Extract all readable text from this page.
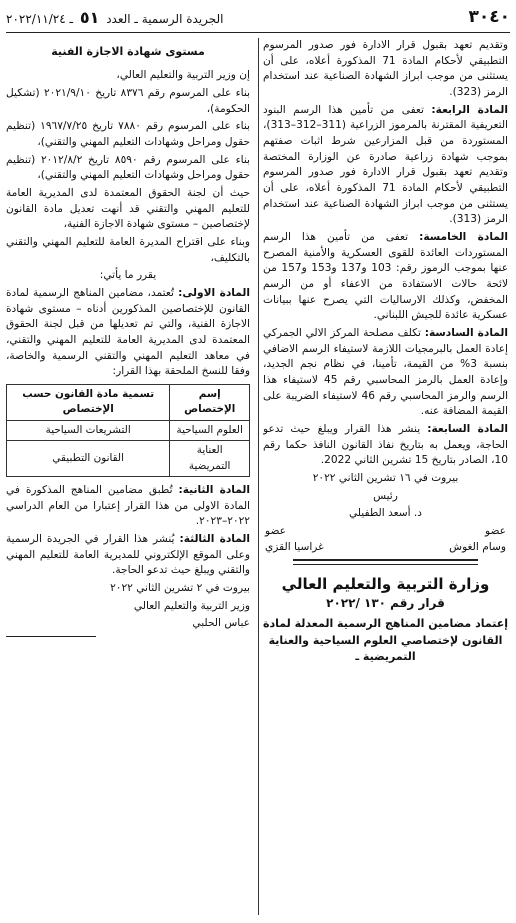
٣٠٤٠
الجريدة الرسمية ـ العدد ٥١ ـ ٢٠٢٢/١١/٢٤

وتقديم تعهد بقبول قرار الادارة فور صدور المرسوم التطبيقي لأحكام المادة 71 المذكورة أعلاه، على أن يستثنى من موجب ابراز الشهادة الصناعية عند استخدام الرمز (323).

المادة الرابعة: تعفى من تأمين هذا الرسم البنود التعريفية المقترنة بالمرموز الزراعية (311–312–313)، المستوردة من قبل المزارعين شرط اثبات صفتهم بموجب شهادة زراعية صادرة عن الوزارة المختصة وتقديم تعهد بقبول قرار الادارة فور صدور المرسوم التطبيقي لأحكام المادة 71 المذكورة أعلاه، على أن يستثنى من موجب ابراز الشهادة الصناعية عند استخدام الرمز (313).

المادة الخامسة: تعفى من تأمين هذا الرسم المستوردات العائدة للقوى العسكرية والأمنية المصرح عنها بموجب الرموز رقم: 103 و137 و153 و157 من لائحة حالات الاستفادة من الاعفاء أو من الرسم المخفض، وكذلك الارساليات التي يصرح عنها ببيانات عسكرية عائدة للجيش اللبناني.

المادة السادسة: تكلف مصلحة المركز الالي الجمركي إعادة العمل بالبرمجيات اللازمة لاستيفاء الرسم الاضافي بنسبة 3% من القيمة، تأمينا، في نظام نجم الجديد، وإعادة العمل بالرمز المحاسبي رقم 45 لاستيفاء هذا الرسم والرمز المحاسبي رقم 46 لاستيفاء الضريبة على القيمة المضافة عنه.

المادة السابعة: ينشر هذا القرار ويبلغ حيث تدعو الحاجة، ويعمل به بتاريخ نفاذ القانون النافذ حكما رقم 10، الصادر بتاريخ 15 تشرين الثاني 2022.

بيروت في ١٦ تشرين الثاني ٢٠٢٢

رئيس

د. أسعد الطفيلي

عضو
عضو
وسام الغوش
غراسيا القزي
وزارة التربية والتعليم العالي
قرار رقم ١٣٠ /٢٠٢٢
إعتماد مضامين المناهج الرسمية المعدلة لمادة القانون لإختصاصي العلوم السياحية والعناية التمريضية ـ
مستوى شهادة الاجازة الفنية

إن وزير التربية والتعليم العالي،

بناء على المرسوم رقم ٨٣٧٦ تاريخ ٢٠٢١/٩/١٠ (تشكيل الحكومة)،

بناء على المرسوم رقم ٧٨٨٠ تاريخ ١٩٦٧/٧/٢٥ (تنظيم حقول ومراحل وشهادات التعليم المهني والتقني)،

بناء على المرسوم رقم ٨٥٩٠ تاريخ ٢٠١٢/٨/٢ (تنظيم حقول ومراحل وشهادات التعليم المهني والتقني)،

حيث أن لجنة الحقوق المعتمدة لدى المديرية العامة للتعليم المهني والتقني قد أنهت تعديل مادة القانون لإختصاصين – مستوى شهادة الاجازة الفنية،

وبناء على اقتراح المديرة العامة للتعليم المهني والتقني بالتكليف،

يقرر ما يأتي:

المادة الاولى: تُعتمد، مضامين المناهج الرسمية لمادة القانون للإختصاصين المذكورين أدناه – مستوى شهادة الاجازة الفنية، والتي تم تعديلها من قبل لجنة الحقوق المعتمدة لدى المديرية العامة للتعليم المهني والتقني، في معاهد التعليم المهني والتقني الرسمية والخاصة، وفقا للنسخ الملحقة بهذا القرار:

إسم الإختصاص	تسمية مادة القانون حسب الإختصاص
العلوم السياحية	التشريعات السياحية
العناية التمريضية	القانون التطبيقي

المادة الثانية: تُطبق مضامين المناهج المذكورة في المادة الاولى من هذا القرار إعتبارا من العام الدراسي ٢٠٢٢–٢٠٢٣.

المادة الثالثة: يُنشر هذا القرار في الجريدة الرسمية وعلى الموقع الإلكتروني للمديرية العامة للتعليم المهني والتقني ويبلغ حيث تدعو الحاجة.

بيروت في ٢ تشرين الثاني ٢٠٢٢

وزير التربية والتعليم العالي

عباس الحلبي
